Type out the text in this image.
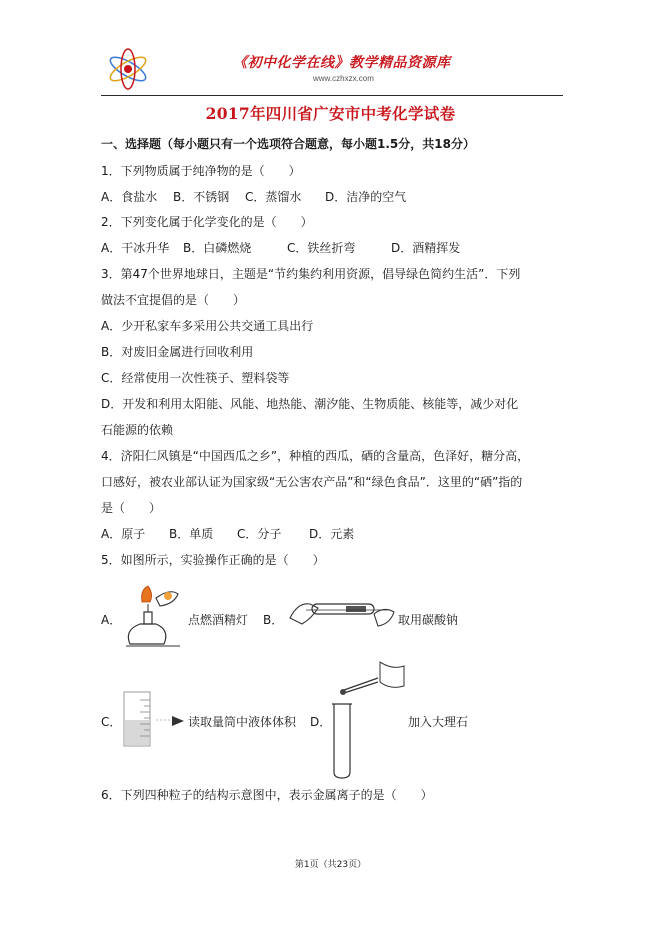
《初中化学在线》教学精品资源库
www.czhxzx.com
2017年四川省广安市中考化学试卷
一、选择题（每小题只有一个选项符合题意，每小题1.5分，共18分）
1．下列物质属于纯净物的是（　　）
A．食盐水 B．不锈钢 C．蒸馏水 D．洁净的空气
2．下列变化属于化学变化的是（　　）
A．干冰升华 B．白磷燃烧	C．铁丝折弯	D．酒精挥发
3．第47个世界地球日，主题是“节约集约利用资源，倡导绿色简约生活”．下列
做法不宜提倡的是（　　）
A．少开私家车多采用公共交通工具出行
B．对废旧金属进行回收利用
C．经常使用一次性筷子、塑料袋等
D．开发和利用太阳能、风能、地热能、潮汐能、生物质能、核能等，减少对化
石能源的依赖
4．济阳仁风镇是“中国西瓜之乡”，种植的西瓜，硒的含量高，色泽好，糖分高，
口感好，被农业部认证为国家级“无公害农产品”和“绿色食品”．这里的“硒”指的
是（　　）
A．原子 B．单质 C．分子 D．元素
5．如图所示，实验操作正确的是（　　）
A．	点燃酒精灯 B．	取用碳酸钠
C．	读取量筒中液体体积 D．	加入大理石
6．下列四种粒子的结构示意图中，表示金属离子的是（　　）
第1页（共23页）
